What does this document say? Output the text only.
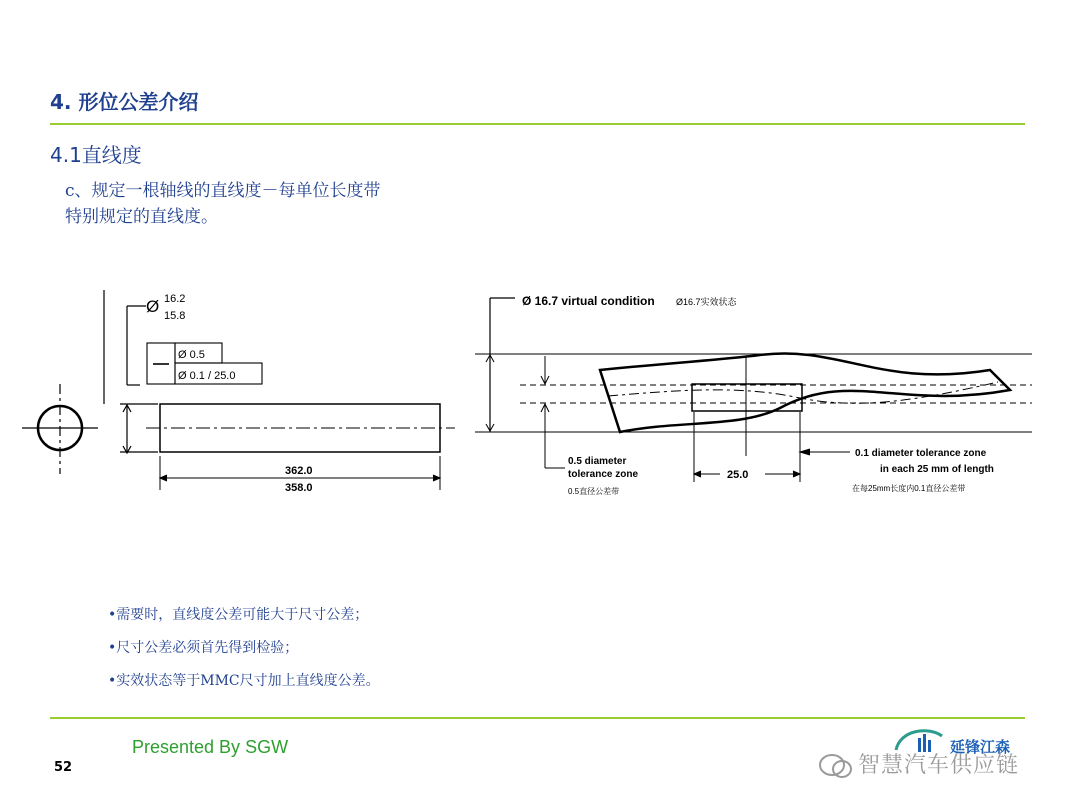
4. 形位公差介绍
4.1直线度
c、规定一根轴线的直线度－每单位长度带
特别规定的直线度。
Ø 16.2
15.8
Ø 0.5
Ø 0.1 / 25.0
362.0
358.0
Ø 16.7 virtual condition Ø16.7实效状态
0.5 diameter
tolerance zone
0.5直径公差带
25.0
0.1 diameter tolerance zone
in each 25 mm of length
在每25mm长度内0.1直径公差带
•需要时，直线度公差可能大于尺寸公差；
•尺寸公差必须首先得到检验；
•实效状态等于MMC尺寸加上直线度公差。
Presented By SGW
52
延锋江森
智慧汽车供应链
